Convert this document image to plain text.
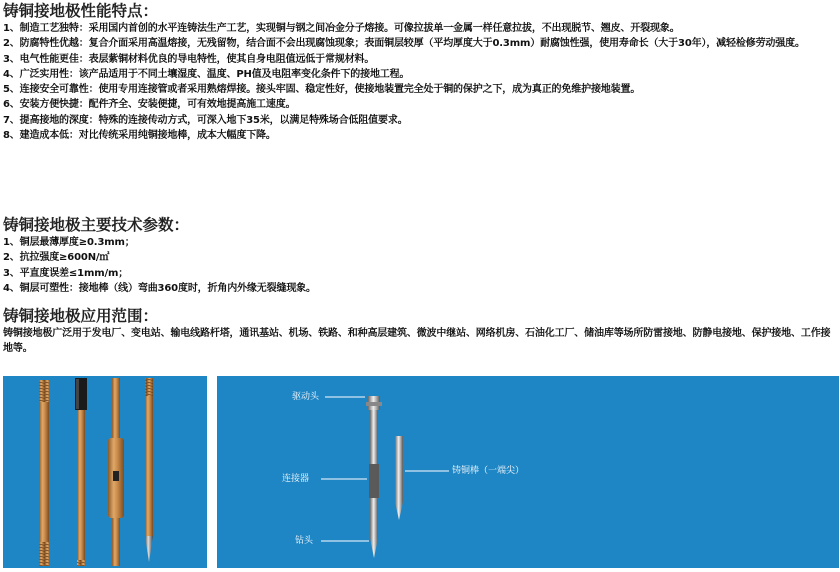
铸铜接地极性能特点：
1、制造工艺独特：采用国内首创的水平连铸法生产工艺，实现铜与钢之间冶金分子熔接。可像拉拔单一金属一样任意拉拔，不出现脱节、翘皮、开裂现象。
2、防腐特性优越：复合介面采用高温熔接，无残留物，结合面不会出现腐蚀现象；表面铜层较厚（平均厚度大于0.3mm）耐腐蚀性强，使用寿命长（大于30年），减轻检修劳动强度。
3、电气性能更佳：表层紫铜材料优良的导电特性，使其自身电阻值远低于常规材料。
4、广泛实用性：该产品适用于不同土壤湿度、温度、PH值及电阻率变化条件下的接地工程。
5、连接安全可靠性：使用专用连接管或者采用熟熔焊接。接头牢固、稳定性好，使接地装置完全处于铜的保护之下，成为真正的免维护接地装置。
6、安装方便快捷：配件齐全、安装便捷，可有效地提高施工速度。
7、提高接地的深度：特殊的连接传动方式，可深入地下35米，以满足特殊场合低阻值要求。
8、建造成本低：对比传统采用纯铜接地棒，成本大幅度下降。
铸铜接地极主要技术参数：
1、铜层最薄厚度≥0.3mm；
2、抗拉强度≥600N/㎡
3、平直度误差≤1mm/m；
4、铜层可塑性：接地棒（线）弯曲360度时，折角内外缘无裂缝现象。
铸铜接地极应用范围：

铸铜接地极广泛用于发电厂、变电站、输电线路杆塔，通讯基站、机场、铁路、和种高层建筑、微波中继站、网络机房、石油化工厂、储油库等场所防雷接地、防静电接地、保护接地、工作接地等。

驱动头
连接器
铸铜棒（一端尖）
钻头
